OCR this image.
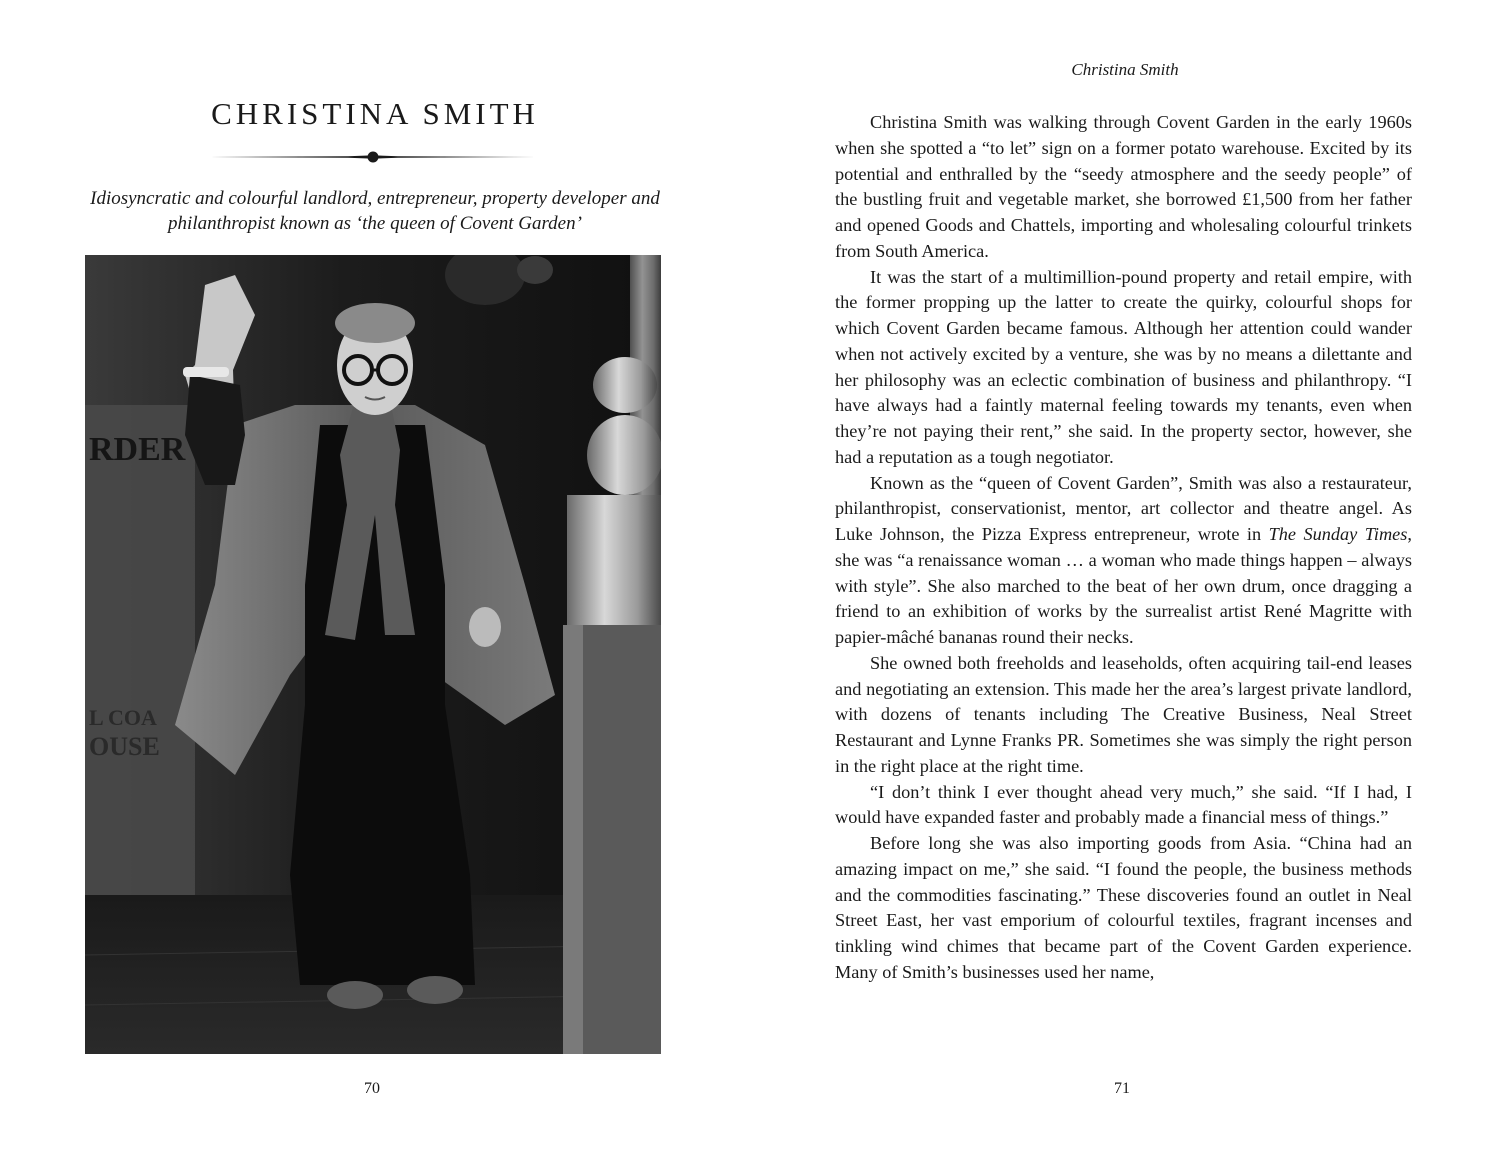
CHRISTINA SMITH

Idiosyncratic and colourful landlord, entrepreneur, property developer and philanthropist known as ‘the queen of Covent Garden’

RDER
L COA
OUSE
70

Christina Smith

Christina Smith was walking through Covent Garden in the early 1960s when she spotted a “to let” sign on a former potato warehouse. Excited by its potential and enthralled by the “seedy atmosphere and the seedy people” of the bustling fruit and vegetable market, she borrowed £1,500 from her father and opened Goods and Chattels, importing and wholesaling colourful trinkets from South America.

It was the start of a multimillion-pound property and retail empire, with the former propping up the latter to create the quirky, colourful shops for which Covent Garden became famous. Although her attention could wander when not actively excited by a venture, she was by no means a dilettante and her philosophy was an eclectic combination of business and philanthropy. “I have always had a faintly maternal feeling towards my tenants, even when they’re not paying their rent,” she said. In the property sector, however, she had a reputation as a tough negotiator.

Known as the “queen of Covent Garden”, Smith was also a restaurateur, philanthropist, conservationist, mentor, art collector and theatre angel. As Luke Johnson, the Pizza Express entrepreneur, wrote in The Sunday Times, she was “a renaissance woman … a woman who made things happen – always with style”. She also marched to the beat of her own drum, once dragging a friend to an exhibition of works by the surrealist artist René Magritte with papier-mâché bananas round their necks.

She owned both freeholds and leaseholds, often acquiring tail-end leases and negotiating an extension. This made her the area’s largest private landlord, with dozens of tenants including The Creative Business, Neal Street Restaurant and Lynne Franks PR. Sometimes she was simply the right person in the right place at the right time.

“I don’t think I ever thought ahead very much,” she said. “If I had, I would have expanded faster and probably made a financial mess of things.”

Before long she was also importing goods from Asia. “China had an amazing impact on me,” she said. “I found the people, the business methods and the commodities fascinating.” These discoveries found an outlet in Neal Street East, her vast emporium of colourful textiles, fragrant incenses and tinkling wind chimes that became part of the Covent Garden experience. Many of Smith’s businesses used her name,

71
